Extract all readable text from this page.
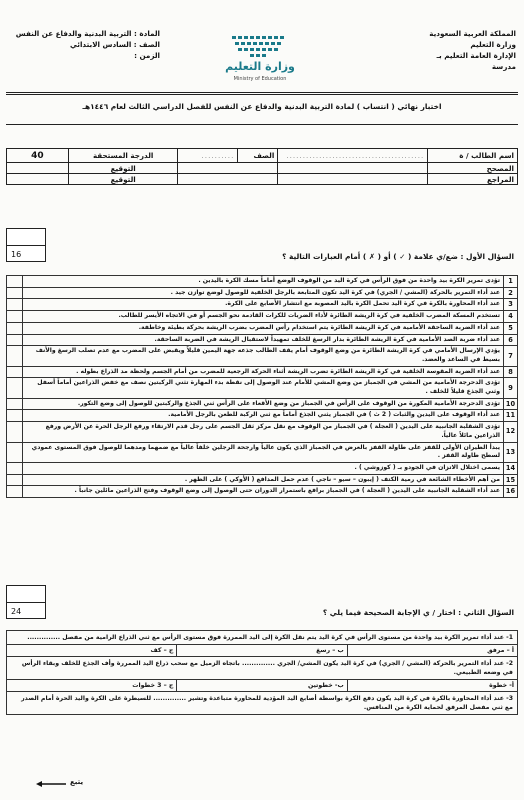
المملكة العربية السعودية
وزارة التعليم
الإدارة العامة التعليم بـ
مدرسة
وزارة التعليم
Ministry of Education
المادة : التربية البدنية والدفاع عن النفس
الصف : السادس الابتدائي
الزمن :
اختبار نهائي ( انتساب ) لمادة التربية البدنية والدفاع عن النفس للفصل الدراسي الثالث لعام ١٤٤٦هـ
اسم الطالب / ة	..........................................	الصف	..........	الدرجة المستحقة	40
المصحح				التوقيع	
المراجع				التوقيع	
16	السؤال الأول : ضع/ي علامة ( ✓ ) أو ( ✗ ) أمام العبارات التالية ؟
1	تؤدى تمرير الكرة بيد واحدة من فوق الرأس في كرة اليد من الوقوف الوضع أماماً مسك الكرة باليدين .	
2	عند أداء التمرير بالحركة (المشي / الجري) في كرة اليد تكون المتابعة بالرجل الخلفية للوصول لوضع توازن جيد .	
3	عند أداء المحاورة بالكرة في كرة اليد تحمل الكرة باليد المصوبة مع انتشار الأصابع على الكرة.	
4	تستخدم المسكة المضرب الخلفية في كرة الريشة الطائرة لأداء الضربات للكرات القادمة نحو الجسم أو في الاتجاه الأيسر للطالب.	
5	عند أداء الضربة الساحقة الأمامية في كرة الريشة الطائرة يتم استخدام رأس المضرب بضرب الريشة بحركة بطيئة وخاطفة.	
6	عند أداء ضربة الصد الأمامية في كرة الريشة الطائرة بدار الرسغ للخلف تمهيداً لاستقبال الريشة في الضربة الساحقة.	
7	يؤدي الإرسال الأمامي في كرة الريشة الطائرة من وضع الوقوف أمام يقف الطالب جذعه جهة اليمين قليلاً ويقبض على المضرب مع عدم تصلب الرسغ والأنف بسيط في الساعد والعضد.	
8	عند أداء الضربة المقوسة الخلفية في كرة الريشة الطائرة تضرب الريشة أثناء الحركة الرجعية للمضرب من أمام الجسم ولحظة مد الذراع بطوله .	
9	تؤدى الدحرجة الأمامية من المشي في الجمباز من وضع المشي للأمام عند الوصول إلى نقطة بدء المهارة تثني الركبتين نصف مع خفض الذراعين أماماً أسفل وثني الجذع قليلاً للخلف .	
10	تؤدى الدحرجة الأمامية المكورة من الوقوف على الرأس في الجمباز من وضع الأقعاء على الرأس ثني الجذع والركبتين للوصول إلى وضع التكور.	
11	عند أداء الوقوف على اليدين والثبات ( 2 ث ) في الجمباز يثني الجذع أماماً مع ثني الركبة للطعن بالرجل الأمامية.	
12	تؤدى الشقلبة الجانبية على اليدين ( العجلة ) في الجمباز من الوقوف مع نقل مركز ثقل الجسم على رجل قدم الارتقاء ورفع الرجل الحرة عن الأرض ورفع الذراعين مائلاً عالياً.	
13	يبدأ الطيران الأولى للقفز على طاولة القفز بالعرض في الجمباز الذي يكون عالياً وارجحة الرجلين خلفاً عالياً مع ضمهما ومدهما للوصول فوق المستوى عمودي لسطح طاولة القفز .	
14	يسمى اختلال الاتزان في الجودو بـ ( كوزوشي ) .	
15	من أهم الأخطاء الشائعة في رمية الكتف ( إيبون – سيو – ناجي ) عدم حمل المدافع ( الأوكي ) على الظهر .	
16	عند أداء الشقلبة الجانبية على اليدين ( العجلة ) في الجمباز برافع باستمرار الدوران حتى الوصول إلى وضع الوقوف وفتح الذراعين مائلين جانباً .	
24	السؤال الثاني : اختار / ي الإجابة الصحيحة فيما يلي ؟
1- عند أداء تمرير الكرة بيد واحدة من مستوى الرأس في كرة اليد يتم نقل الكرة إلى اليد الممررة فوق مستوى الرأس مع ثني الذراع الرامية من مفصل ..............		
أ – مرفق	ب – رسغ	ج – كف
2- عند أداء التمرير بالحركة (المشي / الجري) في كرة اليد يكون المشي/ الجري .............. باتجاه الزميل مع سحب ذراع اليد الممررة وأف الجذع للخلف وبقاء الرأس في وضعه الطبيعي.		
أ- خطوة	ب- خطوتين	ج – 3 خطوات
3- عند أداء المحاورة بالكرة في كرة اليد يكون دفع الكرة بواسطة أصابع اليد المؤدية للمحاورة متباعدة وتشير .............. للسيطرة على الكرة واليد الحرة أمام الصدر مع ثني مفصل المرفق لحماية الكرة من المنافس.		
يتبع
